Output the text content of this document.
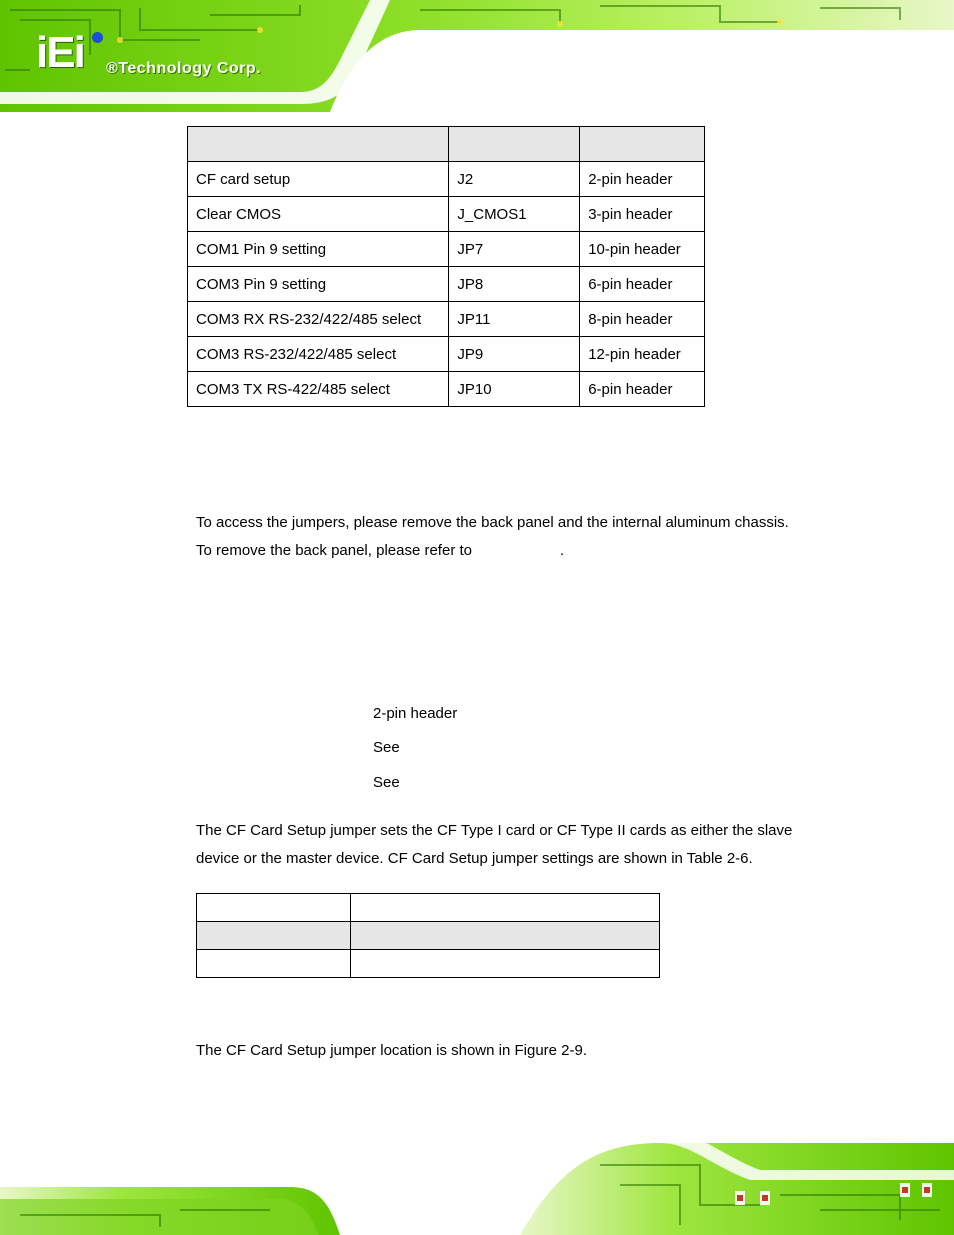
iEi ®Technology Corp.

CF card setup	J2	2-pin header
Clear CMOS	J_CMOS1	3-pin header
COM1 Pin 9 setting	JP7	10-pin header
COM3 Pin 9 setting	JP8	6-pin header
COM3 RX RS-232/422/485 select	JP11	8-pin header
COM3 RS-232/422/485 select	JP9	12-pin header
COM3 TX RS-422/485 select	JP10	6-pin header
To access the jumpers, please remove the back panel and the internal aluminum chassis.
To remove the back panel, please refer to	.
2-pin header
See
See
The CF Card Setup jumper sets the CF Type I card or CF Type II cards as either the slave
device or the master device. CF Card Setup jumper settings are shown in Table 2-6.

The CF Card Setup jumper location is shown in Figure 2-9.
